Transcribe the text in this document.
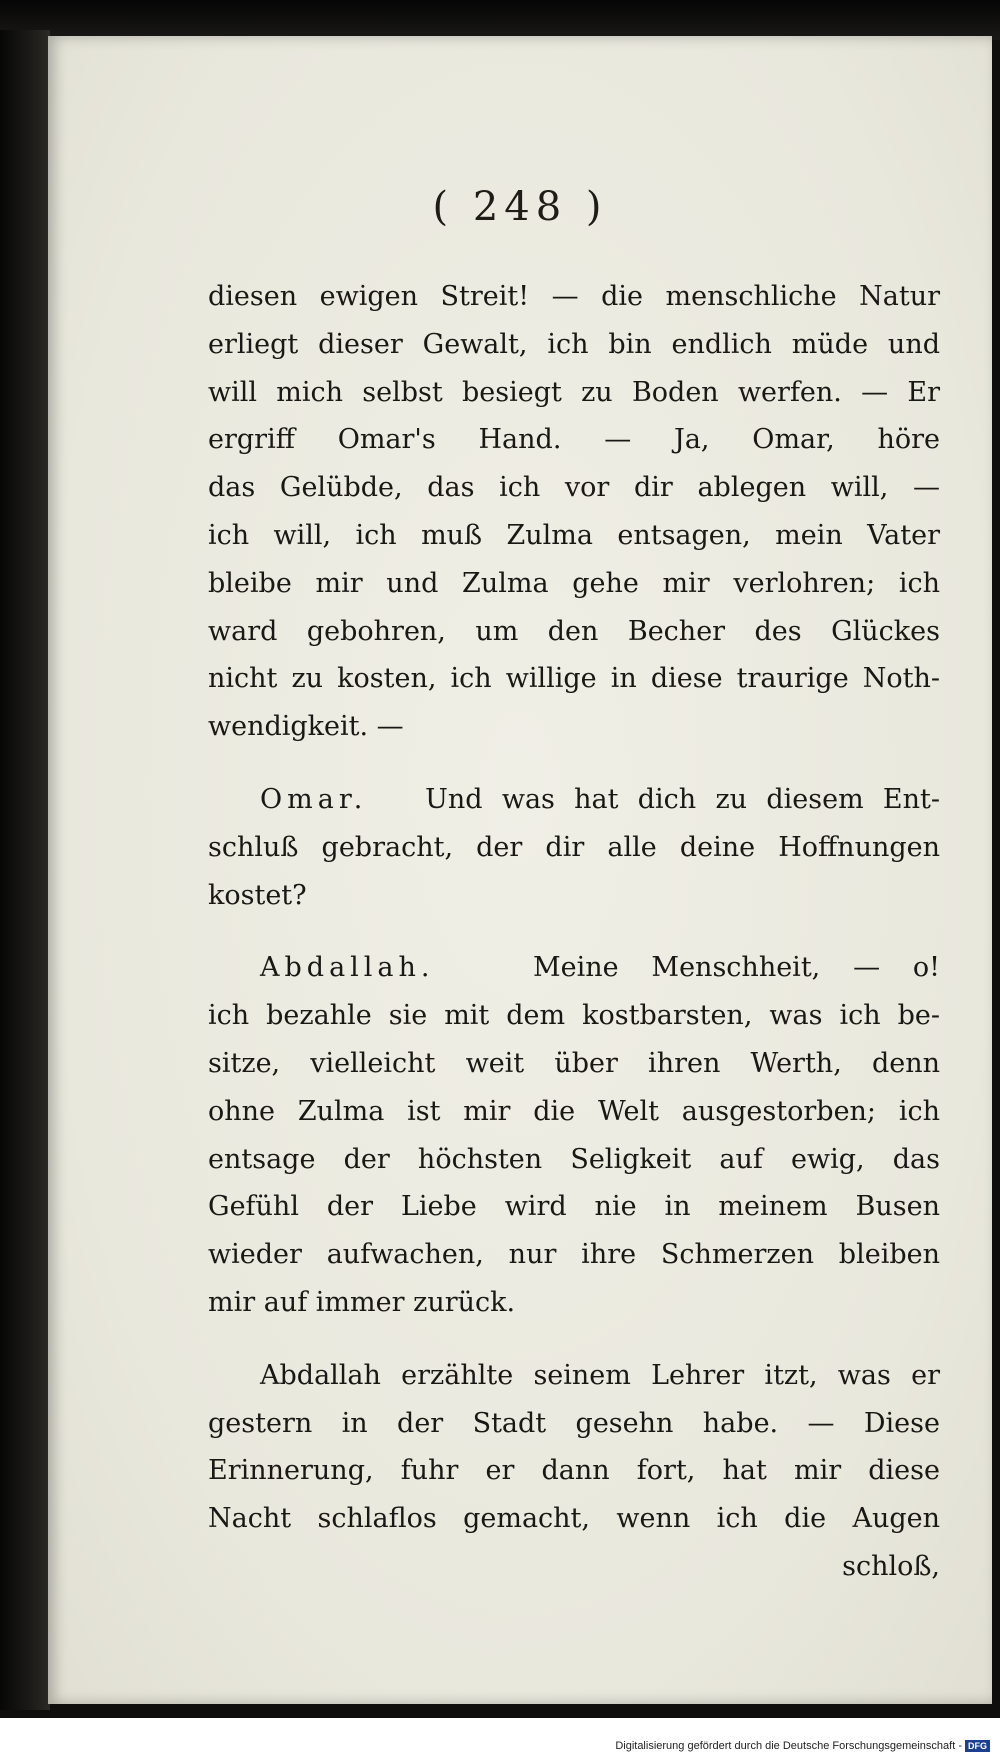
( 248 )
diesen ewigen Streit! — die menschliche Natur
erliegt dieser Gewalt, ich bin endlich müde und
will mich selbst besiegt zu Boden werfen. — Er
ergriff Omar's Hand. — Ja, Omar, höre
das Gelübde, das ich vor dir ablegen will, —
ich will, ich muß Zulma entsagen, mein Vater
bleibe mir und Zulma gehe mir verlohren; ich
ward gebohren, um den Becher des Glückes
nicht zu kosten, ich willige in diese traurige Noth-
wendigkeit. —
Omar. Und was hat dich zu diesem Ent-
schluß gebracht, der dir alle deine Hoffnungen
kostet?
Abdallah.	Meine Menschheit, — o!
ich bezahle sie mit dem kostbarsten, was ich be-
sitze, vielleicht weit über ihren Werth, denn
ohne Zulma ist mir die Welt ausgestorben; ich
entsage der höchsten Seligkeit auf ewig, das
Gefühl der Liebe wird nie in meinem Busen
wieder aufwachen, nur ihre Schmerzen bleiben
mir auf immer zurück.
Abdallah erzählte seinem Lehrer itzt, was er
gestern in der Stadt gesehn habe. — Diese
Erinnerung, fuhr er dann fort, hat mir diese
Nacht schlaflos gemacht, wenn ich die Augen
schloß,
Digitalisierung gefördert durch die Deutsche Forschungsgemeinschaft - DFG
